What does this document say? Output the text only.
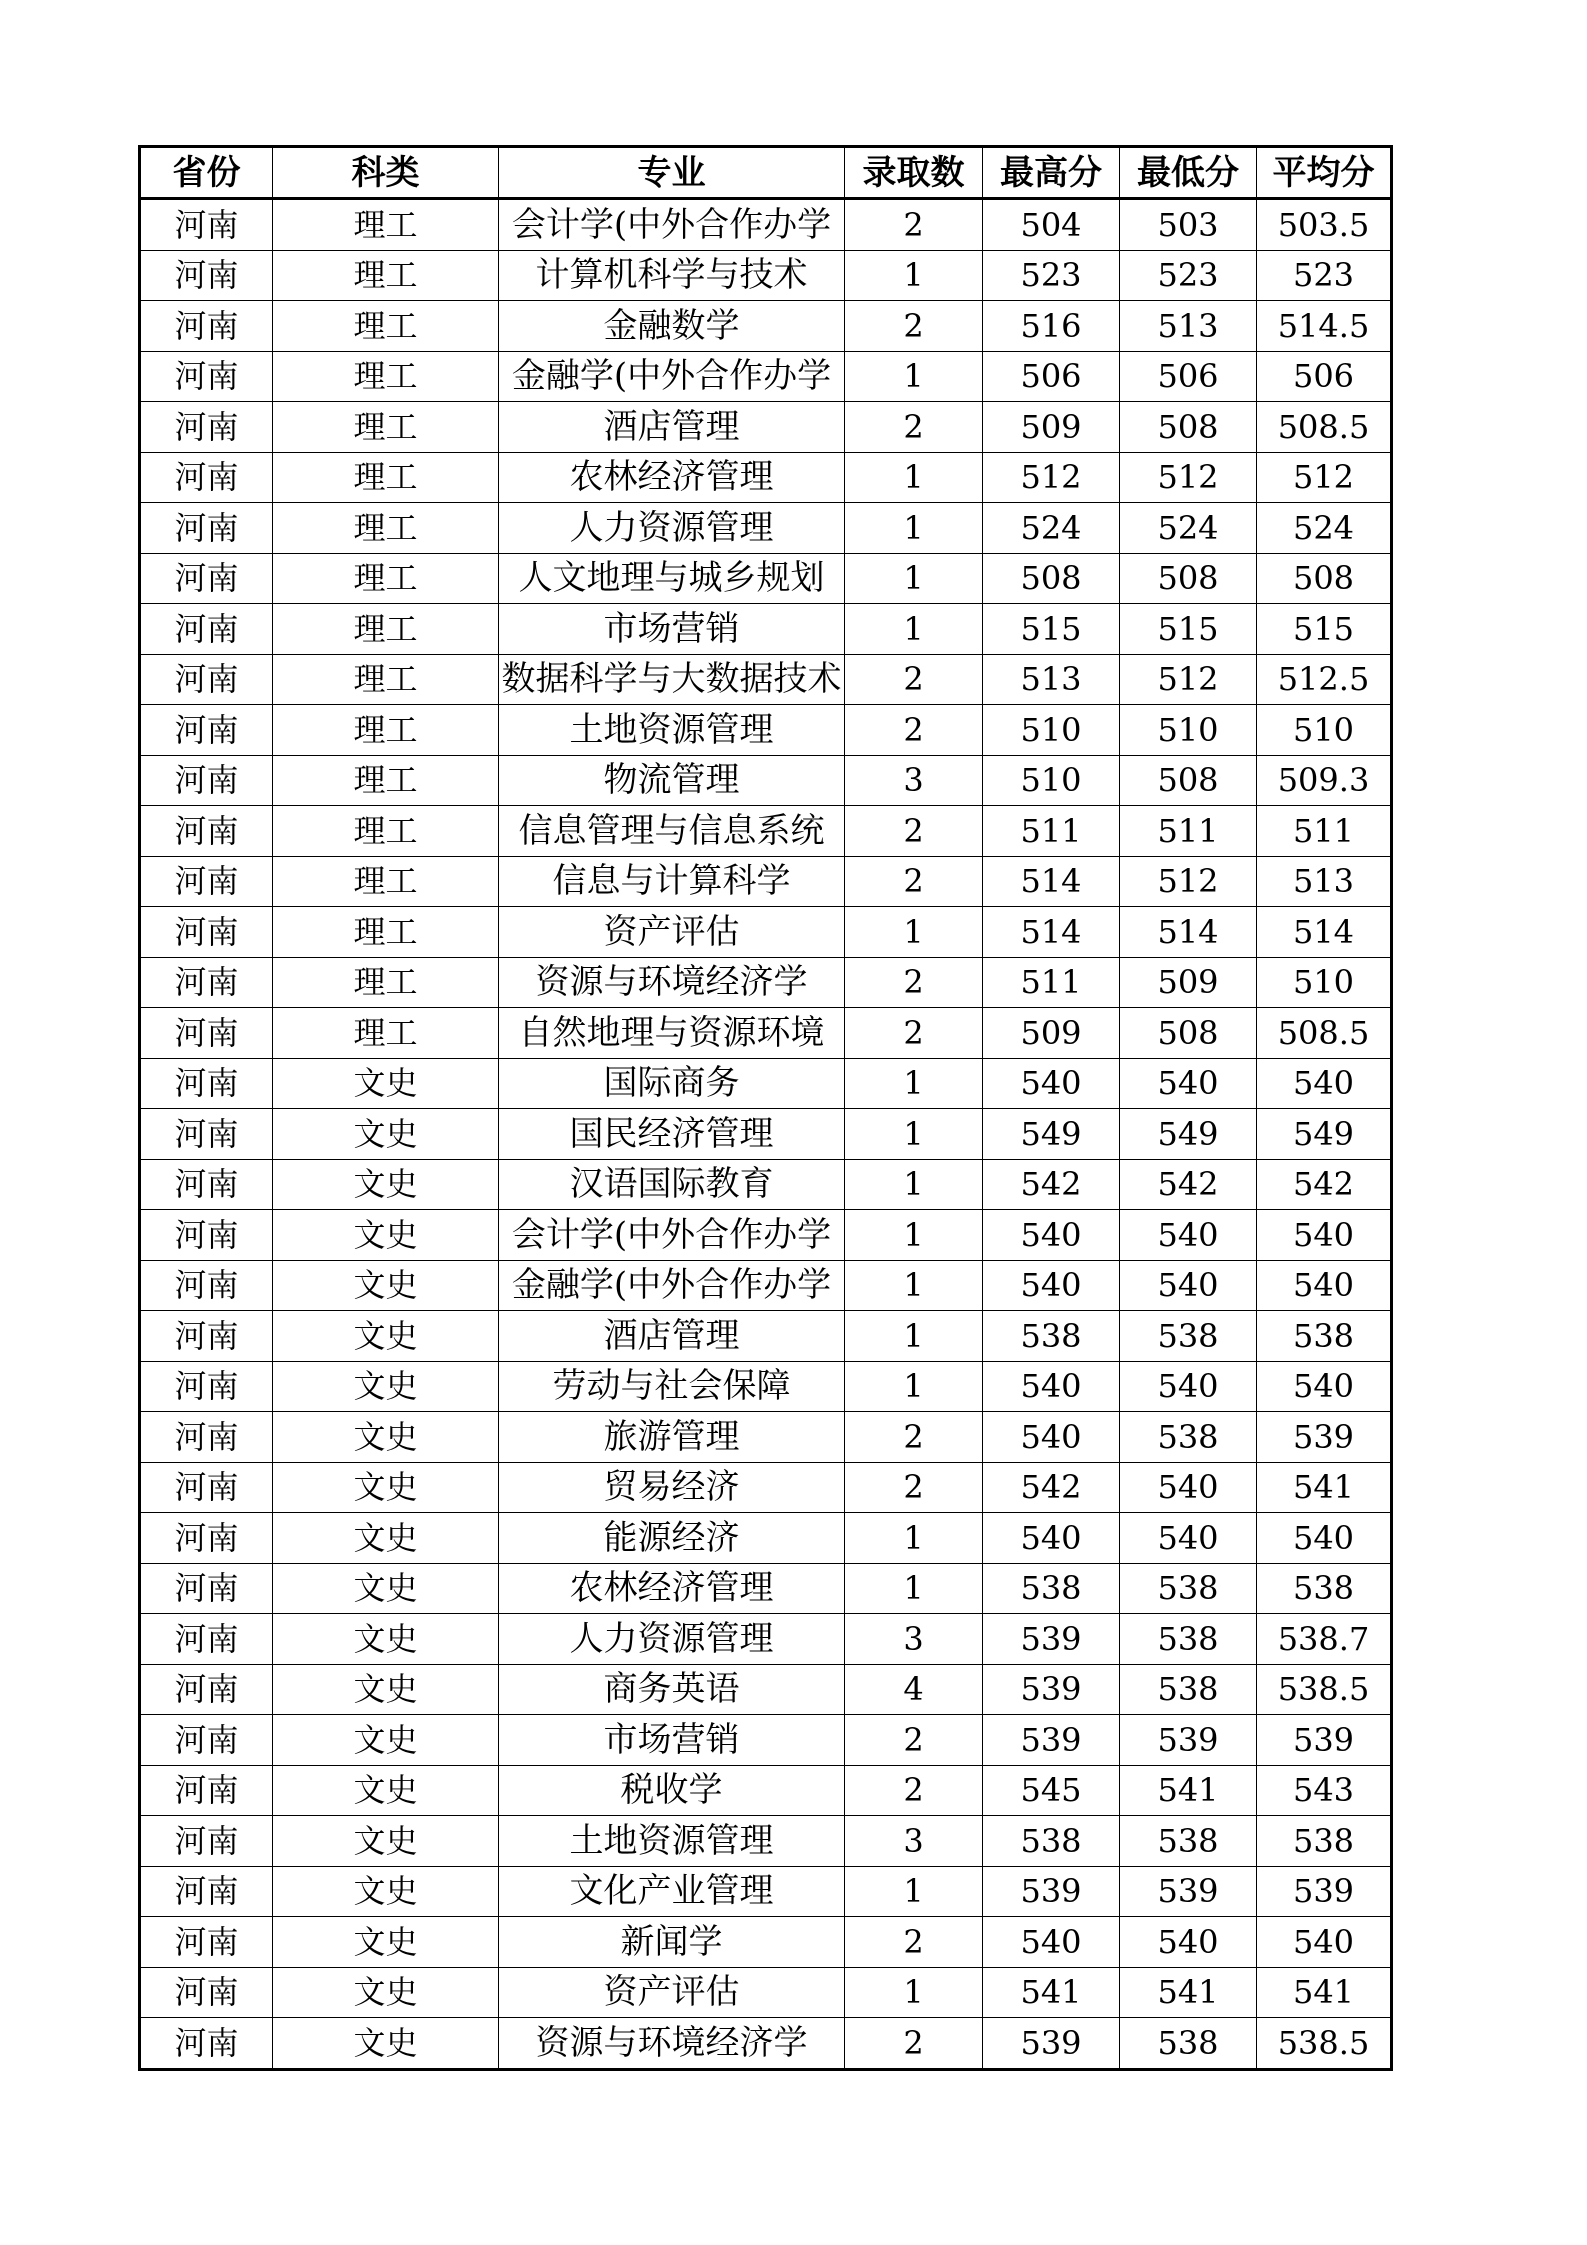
省份	科类	专业	录取数	最高分	最低分	平均分
河南	理工	会计学(中外合作办学	2	504	503	503.5
河南	理工	计算机科学与技术	1	523	523	523
河南	理工	金融数学	2	516	513	514.5
河南	理工	金融学(中外合作办学	1	506	506	506
河南	理工	酒店管理	2	509	508	508.5
河南	理工	农林经济管理	1	512	512	512
河南	理工	人力资源管理	1	524	524	524
河南	理工	人文地理与城乡规划	1	508	508	508
河南	理工	市场营销	1	515	515	515
河南	理工	数据科学与大数据技术	2	513	512	512.5
河南	理工	土地资源管理	2	510	510	510
河南	理工	物流管理	3	510	508	509.3
河南	理工	信息管理与信息系统	2	511	511	511
河南	理工	信息与计算科学	2	514	512	513
河南	理工	资产评估	1	514	514	514
河南	理工	资源与环境经济学	2	511	509	510
河南	理工	自然地理与资源环境	2	509	508	508.5
河南	文史	国际商务	1	540	540	540
河南	文史	国民经济管理	1	549	549	549
河南	文史	汉语国际教育	1	542	542	542
河南	文史	会计学(中外合作办学	1	540	540	540
河南	文史	金融学(中外合作办学	1	540	540	540
河南	文史	酒店管理	1	538	538	538
河南	文史	劳动与社会保障	1	540	540	540
河南	文史	旅游管理	2	540	538	539
河南	文史	贸易经济	2	542	540	541
河南	文史	能源经济	1	540	540	540
河南	文史	农林经济管理	1	538	538	538
河南	文史	人力资源管理	3	539	538	538.7
河南	文史	商务英语	4	539	538	538.5
河南	文史	市场营销	2	539	539	539
河南	文史	税收学	2	545	541	543
河南	文史	土地资源管理	3	538	538	538
河南	文史	文化产业管理	1	539	539	539
河南	文史	新闻学	2	540	540	540
河南	文史	资产评估	1	541	541	541
河南	文史	资源与环境经济学	2	539	538	538.5
